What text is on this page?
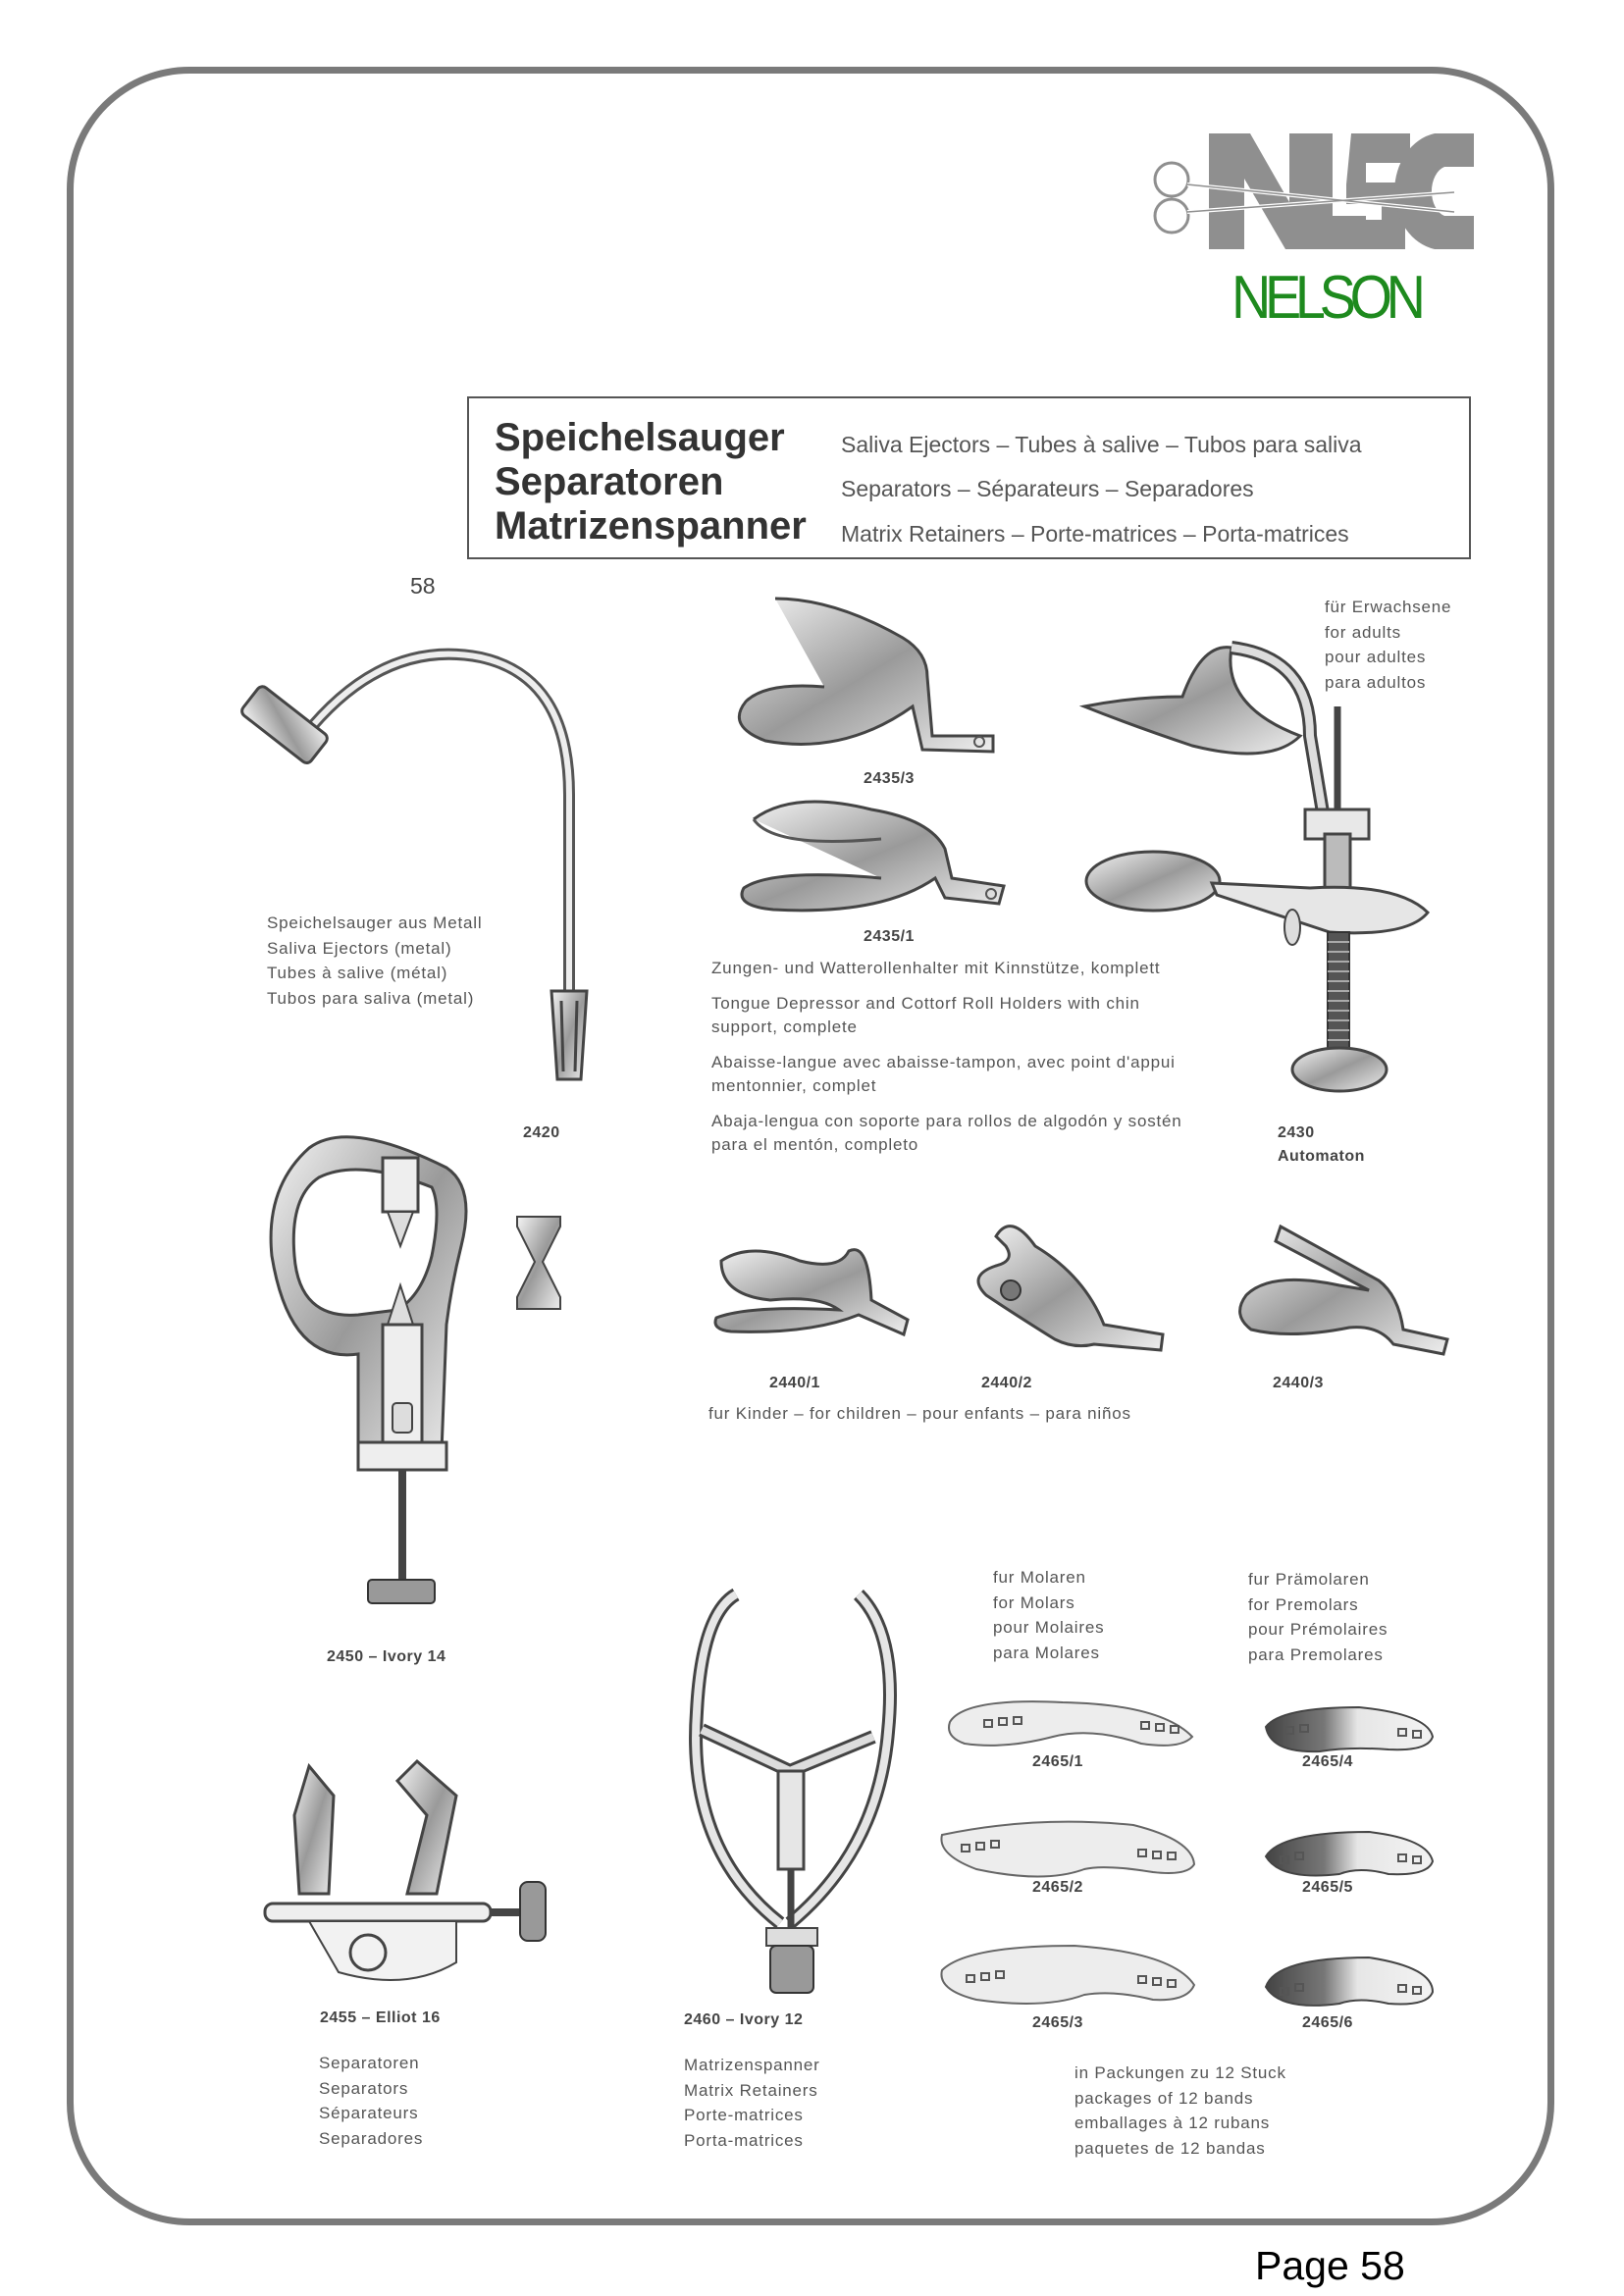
NELSON
Speichelsauger Saliva Ejectors – Tubes à salive – Tubos para saliva
Separatoren	Separators – Séparateurs – Separadores
Matrizenspanner Matrix Retainers – Porte-matrices – Porta-matrices
58

Speichelsauger aus Metall

Saliva Ejectors (metal)

Tubes à salive (métal)

Tubos para saliva (metal)

2420
2435/3
2435/1

Zungen- und Watterollenhalter mit Kinnstütze, komplett

Tongue Depressor and Cottorf Roll Holders with chin support, complete

Abaisse-langue avec abaisse-tampon, avec point d'appui mentonnier, complet

Abaja-lengua con soporte para rollos de algodón y sostén para el mentón, completo

für Erwachsene

for adults

pour adultes

para adultos

2430
Automaton
2440/1	2440/2	2440/3
fur Kinder – for children – pour enfants – para niños
2450 – Ivory 14
2455 – Elliot 16

Separatoren

Separators

Séparateurs

Separadores

2460 – Ivory 12

Matrizenspanner

Matrix Retainers

Porte-matrices

Porta-matrices

fur Molaren

for Molars

pour Molaires

para Molares

fur Prämolaren

for Premolars

pour Prémolaires

para Premolares

2465/1
2465/2
2465/3
2465/4
2465/5
2465/6

in Packungen zu 12 Stuck

packages of 12 bands

emballages à 12 rubans

paquetes de 12 bandas

Page 58
